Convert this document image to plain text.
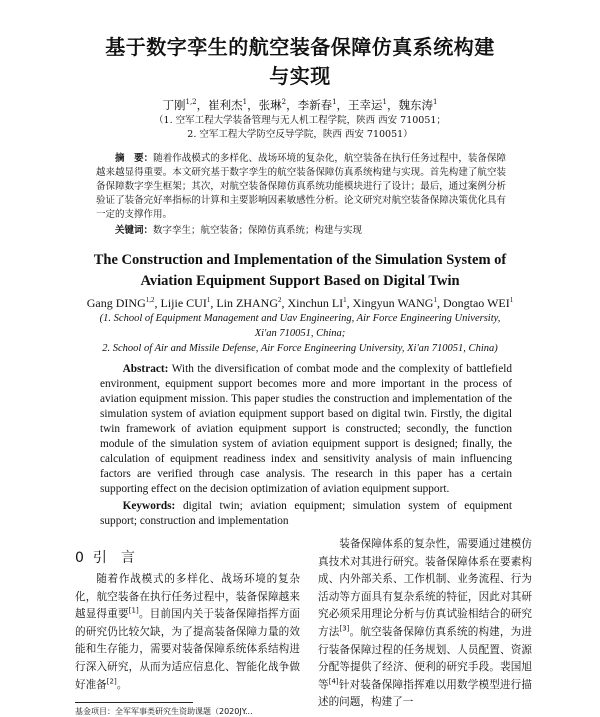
基于数字孪生的航空装备保障仿真系统构建
与实现
丁刚$^{1,2}$，崔利杰$^1$，张琳$^2$，李新春$^1$，王幸运$^1$，魏东涛$^1$
（1. 空军工程大学装备管理与无人机工程学院，陕西 西安 710051；
2. 空军工程大学防空反导学院，陕西 西安 710051）
摘　要：随着作战模式的多样化、战场环境的复杂化，航空装备在执行任务过程中，装备保障越来越显得重要。本文研究基于数字孪生的航空装备保障仿真系统构建与实现。首先构建了航空装备保障数字孪生框架；其次，对航空装备保障仿真系统功能模块进行了设计；最后，通过案例分析验证了装备完好率指标的计算和主要影响因素敏感性分析。论文研究对航空装备保障决策优化具有一定的支撑作用。
关键词：数字孪生；航空装备；保障仿真系统；构建与实现
The Construction and Implementation of the Simulation System of
Aviation Equipment Support Based on Digital Twin
Gang DING$^{1,2}$, Lijie CUI$^1$, Lin ZHANG$^2$, Xinchun $LI^1$, Xingyun WANG$^1$, Dongtao WEI$^1$
(1. School of Equipment Management and Uav Engineering, Air Force Engineering University,
Xi'an 710051, China;
2. School of Air and Missile Defense, Air Force Engineering University, Xi'an 710051, China)
Abstract: With the diversification of combat mode and the complexity of battlefield environment, equipment support becomes more and more important in the process of aviation equipment mission. This paper studies the construction and implementation of the simulation system of aviation equipment support based on digital twin. Firstly, the digital twin framework of aviation equipment support is constructed; secondly, the function module of the simulation system of aviation equipment support is designed; finally, the calculation of equipment readiness index and sensitivity analysis of main influencing factors are verified through case analysis. The research in this paper has a certain supporting effect on the decision optimization of aviation equipment support.
Keywords: digital twin; aviation equipment; simulation system of equipment support; construction and implementation
0 引　言
随着作战模式的多样化、战场环境的复杂化，航空装备在执行任务过程中，装备保障越来越显得重要[1]。目前国内关于装备保障指挥方面的研究仍比较欠缺，为了提高装备保障力量的效能和生存能力，需要对装备保障系统体系结构进行深入研究，从而为适应信息化、智能化战争做好准备[2]。
基金项目：全军军事类研究生资助课题（2020JY...
装备保障体系的复杂性，需要通过建模仿真技术对其进行研究。装备保障体系在要素构成、内外部关系、工作机制、业务流程、行为活动等方面具有复杂系统的特征，因此对其研究必须采用理论分析与仿真试验相结合的研究方法[3]。航空装备保障仿真系统的构建，为进行装备保障过程的任务规划、人员配置、资源分配等提供了经济、便利的研究手段。裴国旭等[4]针对装备保障指挥难以用数学模型进行描述的问题，构建了一
